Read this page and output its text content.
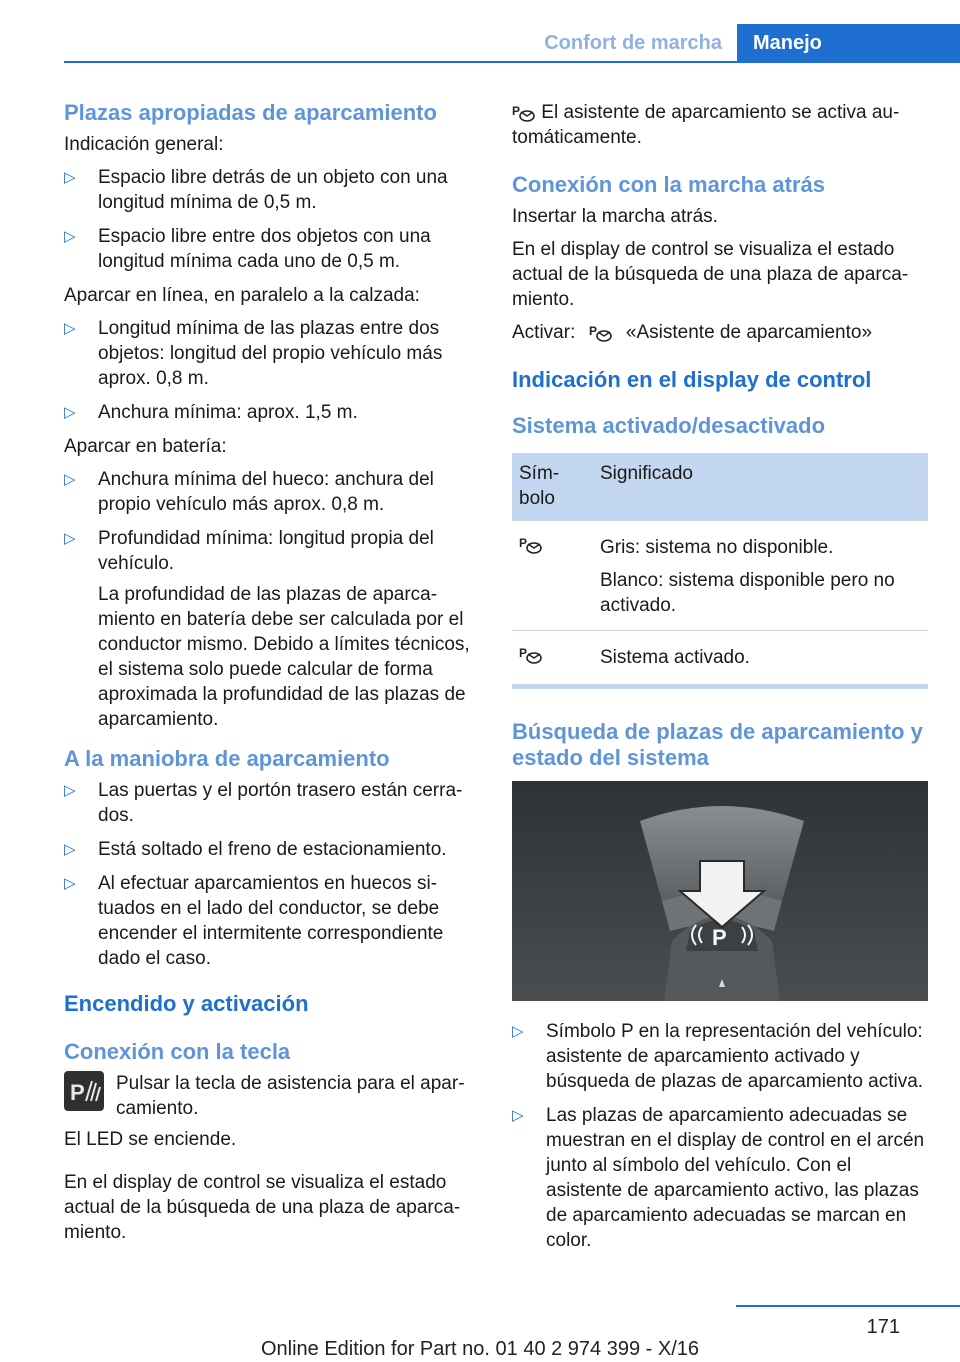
Confort de marcha	Manejo
Plazas apropiadas de aparcamiento

Indicación general:

▷ Espacio libre detrás de un objeto con una longitud mínima de 0,5 m.
▷ Espacio libre entre dos objetos con una longitud mínima cada uno de 0,5 m.

Aparcar en línea, en paralelo a la calzada:

▷ Longitud mínima de las plazas entre dos objetos: longitud del propio vehículo más aprox. 0,8 m.
▷ Anchura mínima: aprox. 1,5 m.

Aparcar en batería:

▷ Anchura mínima del hueco: anchura del propio vehículo más aprox. 0,8 m.
▷ Profundidad mínima: longitud propia del vehículo.

La profundidad de las plazas de aparcamiento en batería debe ser calculada por el conductor mismo. Debido a límites técnicos, el sistema solo puede calcular de forma aproximada la profundidad de las plazas de aparcamiento.

A la maniobra de aparcamiento
▷ Las puertas y el portón trasero están cerrados.
▷ Está soltado el freno de estacionamiento.
▷ Al efectuar aparcamientos en huecos situados en el lado del conductor, se debe encender el intermitente correspondiente dado el caso.
Encendido y activación
Conexión con la tecla
P Pulsar la tecla de asistencia para el aparcamiento.

El LED se enciende.

En el display de control se visualiza el estado actual de la búsqueda de una plaza de aparcamiento.

P El asistente de aparcamiento se activa automáticamente.

Conexión con la marcha atrás

Insertar la marcha atrás.

En el display de control se visualiza el estado actual de la búsqueda de una plaza de aparcamiento.

Activar: P «Asistente de aparcamiento»

Indicación en el display de control
Sistema activado/desactivado
Símbolo	Significado

P	Gris: sistema no disponible.

Blanco: sistema disponible pero no activado.

P	Sistema activado.
Búsqueda de plazas de aparcamiento y estado del sistema
P
▷ Símbolo P en la representación del vehículo: asistente de aparcamiento activado y búsqueda de plazas de aparcamiento activa.
▷ Las plazas de aparcamiento adecuadas se muestran en el display de control en el arcén junto al símbolo del vehículo. Con el asistente de aparcamiento activo, las plazas de aparcamiento adecuadas se marcan en color.
171
Online Edition for Part no. 01 40 2 974 399 - X/16
